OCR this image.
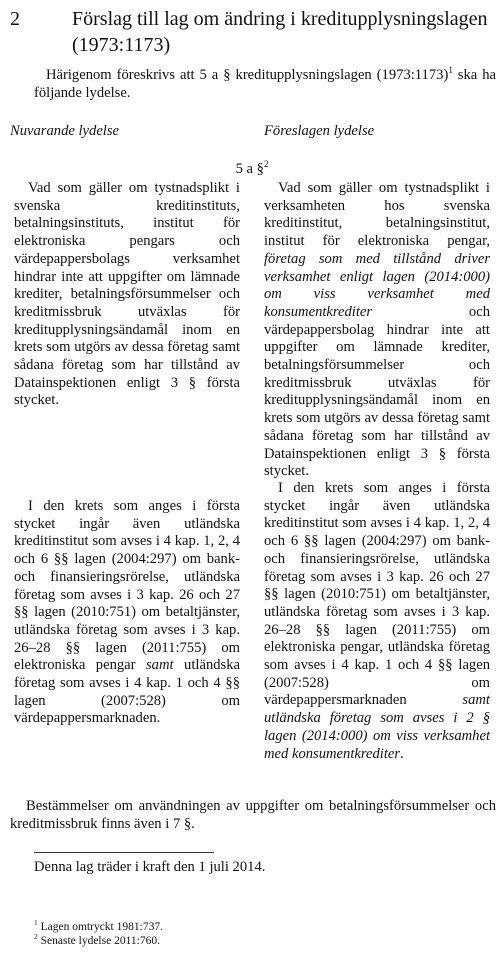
2	Förslag till lag om ändring i kreditupplysningslagen (1973:1173)
Härigenom föreskrivs att 5 a § kreditupplysningslagen (1973:1173)$^1$ ska ha följande lydelse.
Nuvarande lydelse	Föreslagen lydelse
5 a §$^2$

Vad som gäller om tystnadsplikt i svenska kreditinstituts, betalningsinstituts, institut för elektroniska pengars och värdepappersbolags verksamhet hindrar inte att uppgifter om lämnade krediter, betalningsförsummelser och kreditmissbruk utväxlas för kreditupplysningsändamål inom en krets som utgörs av dessa företag samt sådana företag som har tillstånd av Datainspektionen enligt 3 § första stycket.

I den krets som anges i första stycket ingår även utländska kreditinstitut som avses i 4 kap. 1, 2, 4 och 6 §§ lagen (2004:297) om bank- och finansieringsrörelse, utländska företag som avses i 3 kap. 26 och 27 §§ lagen (2010:751) om betaltjänster, utländska företag som avses i 3 kap. 26–28 §§ lagen (2011:755) om elektroniska pengar samt utländska företag som avses i 4 kap. 1 och 4 §§ lagen (2007:528) om värdepappersmarknaden.

Vad som gäller om tystnadsplikt i verksamheten hos svenska kreditinstitut, betalningsinstitut, institut för elektroniska pengar, företag som med tillstånd driver verksamhet enligt lagen (2014:000) om viss verksamhet med konsumentkrediter och värdepappersbolag hindrar inte att uppgifter om lämnade krediter, betalningsförsummelser och kreditmissbruk utväxlas för kreditupplysningsändamål inom en krets som utgörs av dessa företag samt sådana företag som har tillstånd av Datainspektionen enligt 3 § första stycket.

I den krets som anges i första stycket ingår även utländska kreditinstitut som avses i 4 kap. 1, 2, 4 och 6 §§ lagen (2004:297) om bank- och finansieringsrörelse, utländska företag som avses i 3 kap. 26 och 27 §§ lagen (2010:751) om betaltjänster, utländska företag som avses i 3 kap. 26–28 §§ lagen (2011:755) om elektroniska pengar, utländska företag som avses i 4 kap. 1 och 4 §§ lagen (2007:528) om värdepappersmarknaden samt utländska företag som avses i 2 § lagen (2014:000) om viss verksamhet med konsumentkrediter.

Bestämmelser om användningen av uppgifter om betalningsförsummelser och kreditmissbruk finns även i 7 §.
Denna lag träder i kraft den 1 juli 2014.
$^1$ Lagen omtryckt 1981:737.
$^2$ Senaste lydelse 2011:760.
